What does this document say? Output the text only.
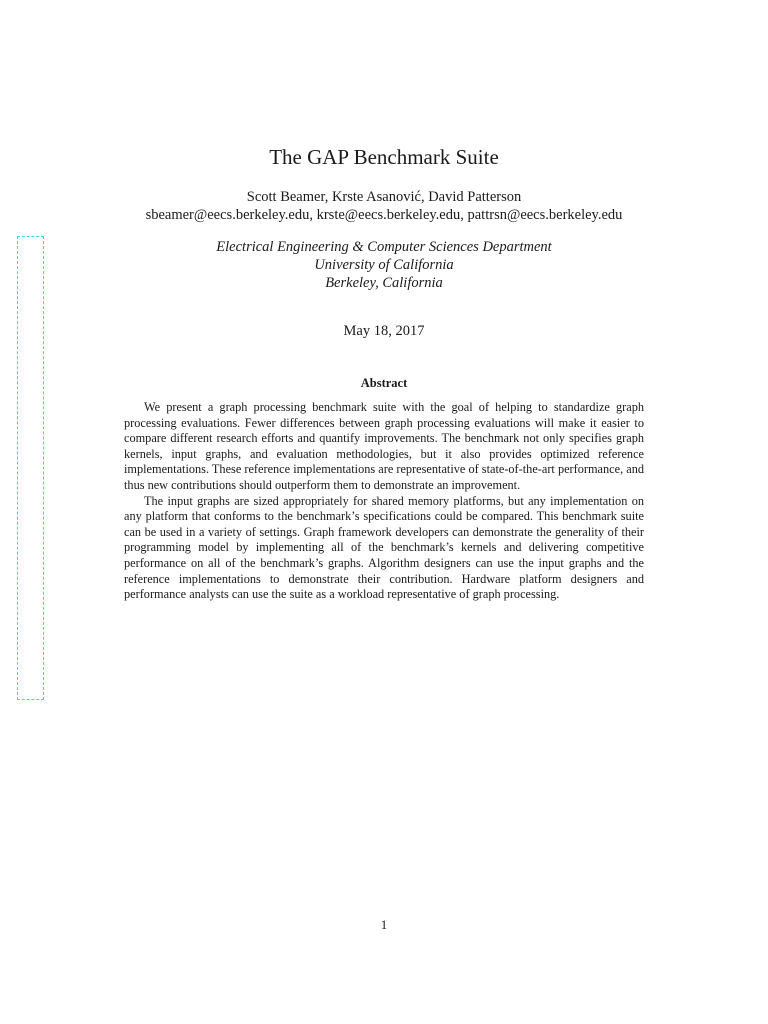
The GAP Benchmark Suite
Scott Beamer, Krste Asanović, David Patterson
sbeamer@eecs.berkeley.edu, krste@eecs.berkeley.edu, pattrsn@eecs.berkeley.edu
Electrical Engineering & Computer Sciences Department
University of California
Berkeley, California
May 18, 2017
Abstract

We present a graph processing benchmark suite with the goal of helping to standardize graph processing evaluations. Fewer differences between graph processing evaluations will make it easier to compare different research efforts and quantify improvements. The benchmark not only specifies graph kernels, input graphs, and evaluation methodologies, but it also provides optimized reference implementations. These reference implementations are representative of state-of-the-art performance, and thus new contributions should outperform them to demonstrate an improvement.

The input graphs are sized appropriately for shared memory platforms, but any implementation on any platform that conforms to the benchmark’s specifications could be compared. This benchmark suite can be used in a variety of settings. Graph framework developers can demonstrate the generality of their programming model by implementing all of the benchmark’s kernels and delivering competitive performance on all of the benchmark’s graphs. Algorithm designers can use the input graphs and the reference implementations to demonstrate their contribution. Hardware platform designers and performance analysts can use the suite as a workload representative of graph processing.

1
